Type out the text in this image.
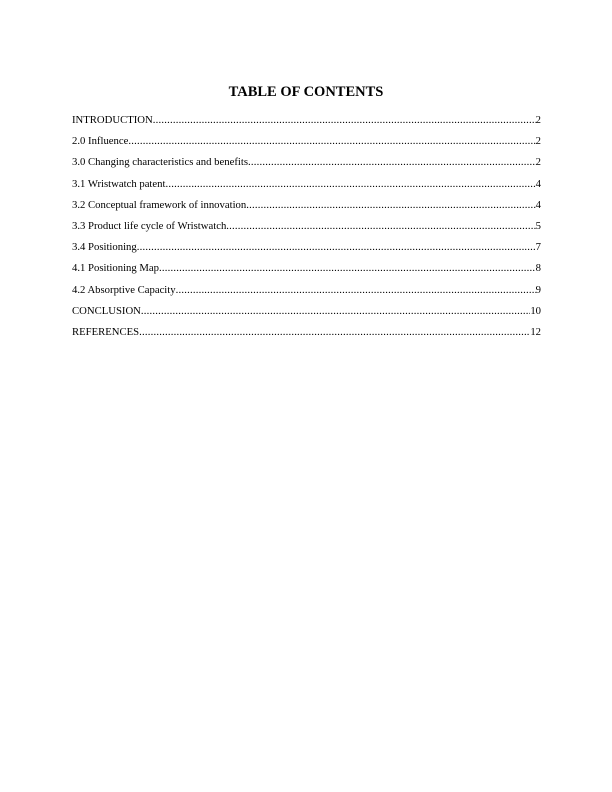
TABLE OF CONTENTS
INTRODUCTION .....	2
2.0 Influence .....	2
3.0 Changing characteristics and benefits .....	2
3.1 Wristwatch patent .....	4
3.2 Conceptual framework of innovation .....	4
3.3 Product life cycle of Wristwatch .....	5
3.4 Positioning .....	7
4.1 Positioning Map .....	8
4.2 Absorptive Capacity .....	9
CONCLUSION .....	10
REFERENCES .....	12
